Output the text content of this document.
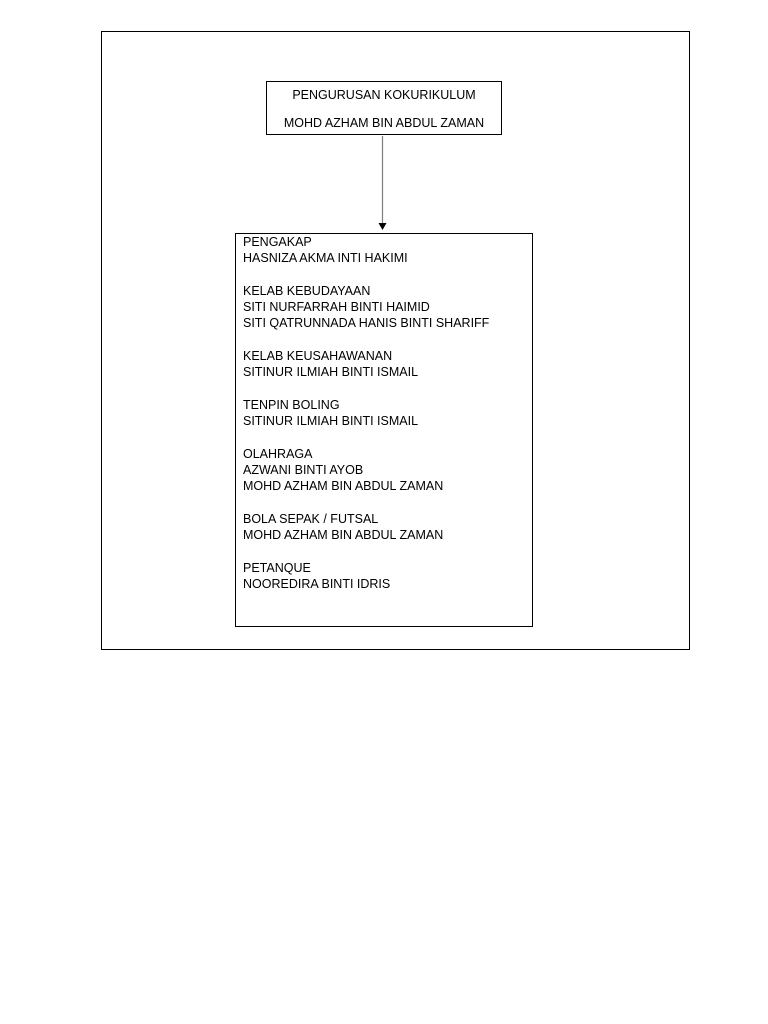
PENGURUSAN KOKURIKULUM
MOHD AZHAM BIN ABDUL ZAMAN
PENGAKAP
HASNIZA AKMA INTI HAKIMI
KELAB KEBUDAYAAN
SITI NURFARRAH BINTI HAIMID
SITI QATRUNNADA HANIS BINTI SHARIFF
KELAB KEUSAHAWANAN
SITINUR ILMIAH BINTI ISMAIL
TENPIN BOLING
SITINUR ILMIAH BINTI ISMAIL
OLAHRAGA
AZWANI BINTI AYOB
MOHD AZHAM BIN ABDUL ZAMAN
BOLA SEPAK / FUTSAL
MOHD AZHAM BIN ABDUL ZAMAN
PETANQUE
NOOREDIRA BINTI IDRIS
